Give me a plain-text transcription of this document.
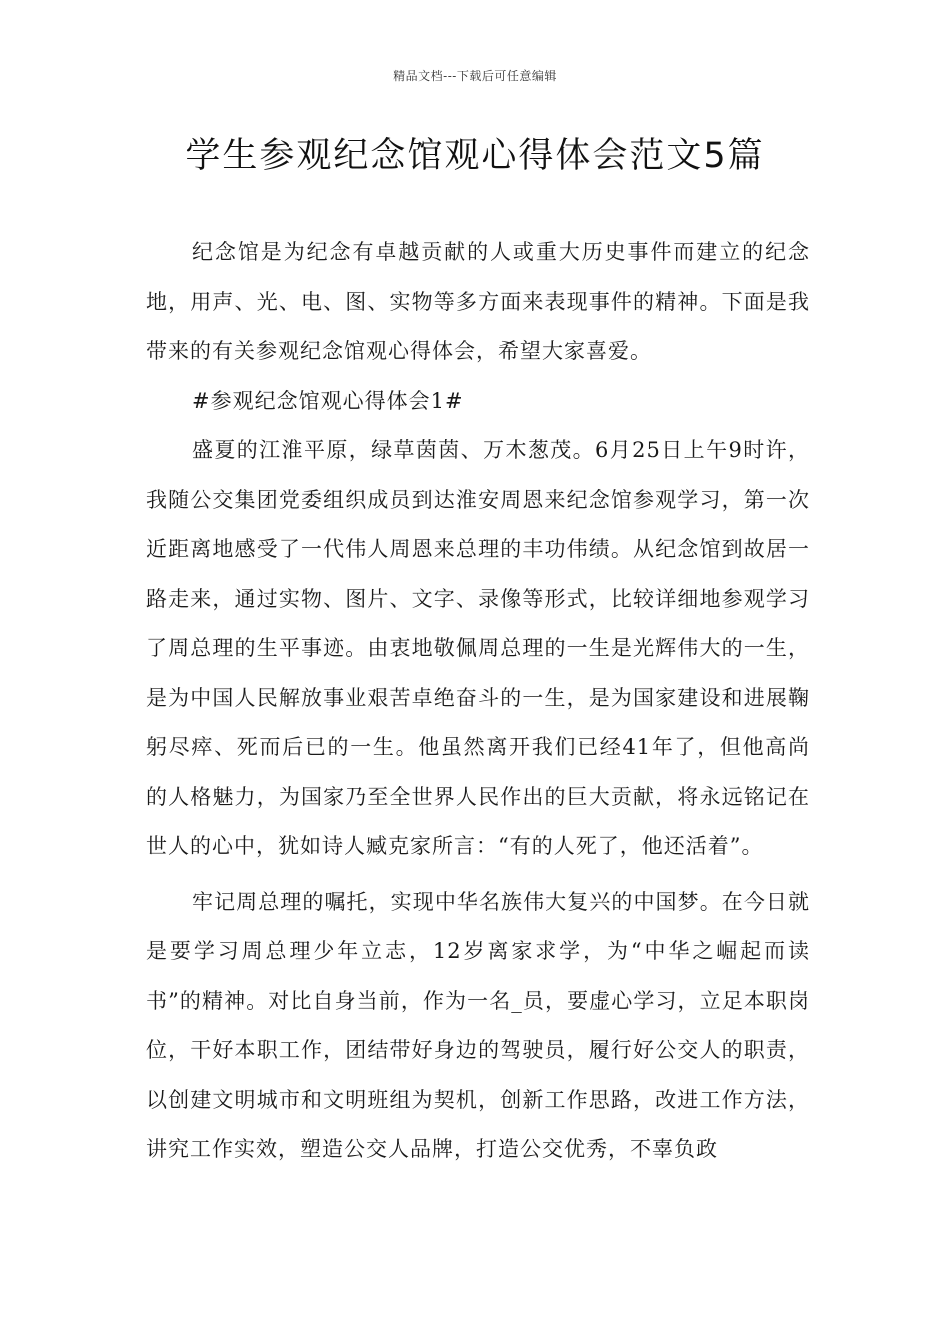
精品文档---下载后可任意编辑
学生参观纪念馆观心得体会范文5篇

纪念馆是为纪念有卓越贡献的人或重大历史事件而建立的纪念地，用声、光、电、图、实物等多方面来表现事件的精神。下面是我带来的有关参观纪念馆观心得体会，希望大家喜爱。

#参观纪念馆观心得体会1#

盛夏的江淮平原，绿草茵茵、万木葱茂。6月25日上午9时许，我随公交集团党委组织成员到达淮安周恩来纪念馆参观学习，第一次近距离地感受了一代伟人周恩来总理的丰功伟绩。从纪念馆到故居一路走来，通过实物、图片、文字、录像等形式，比较详细地参观学习了周总理的生平事迹。由衷地敬佩周总理的一生是光辉伟大的一生，是为中国人民解放事业艰苦卓绝奋斗的一生，是为国家建设和进展鞠躬尽瘁、死而后已的一生。他虽然离开我们已经41年了，但他高尚的人格魅力，为国家乃至全世界人民作出的巨大贡献，将永远铭记在世人的心中，犹如诗人臧克家所言：“有的人死了，他还活着”。

牢记周总理的嘱托，实现中华名族伟大复兴的中国梦。在今日就是要学习周总理少年立志，12岁离家求学，为“中华之崛起而读书”的精神。对比自身当前，作为一名_员，要虚心学习，立足本职岗位，干好本职工作，团结带好身边的驾驶员，履行好公交人的职责，以创建文明城市和文明班组为契机，创新工作思路，改进工作方法，讲究工作实效，塑造公交人品牌，打造公交优秀，不辜负政
